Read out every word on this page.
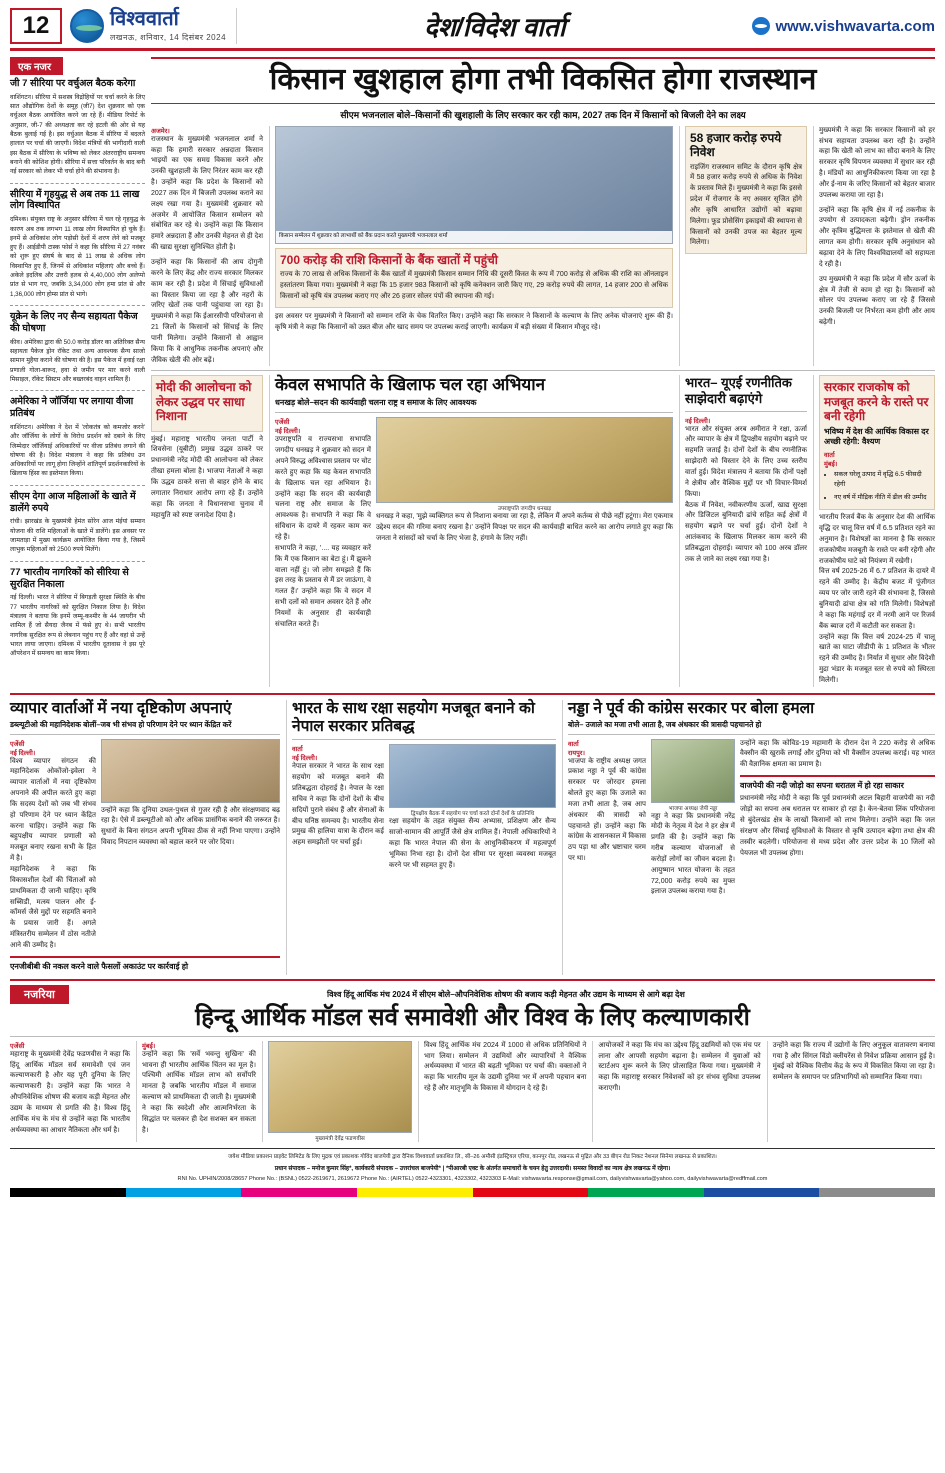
12	विश्ववार्ता
लखनऊ, शनिवार, 14 दिसंबर 2024	देश/विदेश वार्ता	www.vishwavarta.com
एक नजर
जी 7 सीरिया पर वर्चुअल बैठक करेगा
वाशिंगटन। सीरिया में सशस्त्र विद्रोहियों पर चर्चा करने के लिए सात औद्योगिक देशों के समूह (जी7) देश शुक्रवार को एक वर्चुअल बैठक आयोजित करने जा रहे हैं। मीडिया रिपोर्ट के अनुसार, जी-7 की अध्यक्षता कर रहे इटली की ओर से यह बैठक बुलाई गई है। इस वर्चुअल बैठक में सीरिया में बदलते हालात पर चर्चा की जाएगी। विदेश मंत्रियों की भागीदारी वाली इस बैठक में सीरिया के भविष्य को लेकर अंतरराष्ट्रीय समन्वय बनाने की कोशिश होगी। सीरिया में सत्ता परिवर्तन के बाद बनी नई सरकार को लेकर भी चर्चा होने की संभावना है।
सीरिया में गृहयुद्ध से अब तक 11 लाख लोग विस्थापित
दमिश्क। संयुक्त राष्ट्र के अनुसार सीरिया में चल रहे गृहयुद्ध के कारण अब तक लगभग 11 लाख लोग विस्थापित हो चुके हैं। इनमें से अधिकांश लोग पड़ोसी देशों में शरण लेने को मजबूर हुए हैं। आईडीपी टास्क फोर्स ने कहा कि सीरिया में 27 नवंबर को शुरू हुए संघर्ष के बाद से 11 लाख से अधिक लोग विस्थापित हुए हैं, जिनमें से अधिकांश महिलाएं और बच्चे हैं। अकेले इदलिब और उत्तरी हलब से 4,40,000 लोग अलेप्पो प्रांत से भाग गए, जबकि 3,34,000 लोग हमा प्रांत से और 1,36,000 लोग होम्स प्रांत से भागे।
यूक्रेन के लिए नए सैन्य सहायता पैकेज की घोषणा
कीव। अमेरिका द्वारा की 50.0 करोड़ डॉलर का अतिरिक्त सैन्य सहायता पैकेज ड्रोन रॉकेट तथा अन्य आवश्यक सैन्य साजो सामान मुहैया कराने की घोषणा की है। इस पैकेज में हवाई रक्षा प्रणाली गोला-बारूद, हवा से जमीन पर मार करने वाली मिसाइल, रॉकेट सिस्टम और बख्तरबंद वाहन शामिल हैं।
अमेरिका ने जॉर्जिया पर लगाया वीजा प्रतिबंध
वाशिंगटन। अमेरिका ने देश में 'लोकतंत्र को कमजोर करने' और जॉर्जिया के लोगों के विरोध प्रदर्शन को दबाने के लिए जिम्मेदार जॉर्जियाई अधिकारियों पर वीजा प्रतिबंध लगाने की घोषणा की है। विदेश मंत्रालय ने कहा कि प्रतिबंध उन अधिकारियों पर लागू होगा जिन्होंने शांतिपूर्ण प्रदर्शनकारियों के खिलाफ हिंसा का इस्तेमाल किया।
सीएम देगा आज महिलाओं के खाते में डालेंगे रुपये
रांची। झारखंड के मुख्यमंत्री हेमंत सोरेन आज मंईयां सम्मान योजना की राशि महिलाओं के खाते में डालेंगे। इस अवसर पर जामताड़ा में मुख्य कार्यक्रम आयोजित किया गया है, जिसमें लाभुक महिलाओं को 2500 रुपये मिलेंगे।
77 भारतीय नागरिकों को सीरिया से सुरक्षित निकाला
नई दिल्ली। भारत ने सीरिया में बिगड़ती सुरक्षा स्थिति के बीच 77 भारतीय नागरिकों को सुरक्षित निकाल लिया है। विदेश मंत्रालय ने बताया कि इनमें जम्मू-कश्मीर के 44 जायरीन भी शामिल हैं जो सैयदा जैनब में फंसे हुए थे। सभी भारतीय नागरिक सुरक्षित रूप से लेबनान पहुंच गए हैं और वहां से उन्हें भारत लाया जाएगा। दमिश्क में भारतीय दूतावास ने इस पूरे ऑपरेशन में समन्वय का काम किया।
किसान खुशहाल होगा तभी विकसित होगा राजस्थान
सीएम भजनलाल बोले–किसानों की खुशहाली के लिए सरकार कर रही काम, 2027 तक दिन में किसानों को बिजली देने का लक्ष्य
अजमेर।
राजस्थान के मुख्यमंत्री भजनलाल शर्मा ने कहा कि हमारी सरकार अन्नदाता किसान भाइयों का एक समग्र विकास करने और उनकी खुशहाली के लिए निरंतर काम कर रही है। उन्होंने कहा कि प्रदेश के किसानों को 2027 तक दिन में बिजली उपलब्ध कराने का लक्ष्य रखा गया है। मुख्यमंत्री शुक्रवार को अजमेर में आयोजित किसान सम्मेलन को संबोधित कर रहे थे। उन्होंने कहा कि किसान हमारे अन्नदाता हैं और उनकी मेहनत से ही देश की खाद्य सुरक्षा सुनिश्चित होती है।
उन्होंने कहा कि किसानों की आय दोगुनी करने के लिए केंद्र और राज्य सरकार मिलकर काम कर रही है। प्रदेश में सिंचाई सुविधाओं का विस्तार किया जा रहा है और नहरों के जरिए खेतों तक पानी पहुंचाया जा रहा है। मुख्यमंत्री ने कहा कि ईआरसीपी परियोजना से 21 जिलों के किसानों को सिंचाई के लिए पानी मिलेगा। उन्होंने किसानों से आह्वान किया कि वे आधुनिक तकनीक अपनाएं और जैविक खेती की ओर बढ़ें।
किसान सम्मेलन में शुक्रवार को लाभार्थी को बैंक प्रदान करते मुख्यमंत्री भजनलाल शर्मा
700 करोड़ की राशि किसानों के बैंक खातों में पहुंची
राज्य के 70 लाख से अधिक किसानों के बैंक खातों में मुख्यमंत्री किसान सम्मान निधि की दूसरी किस्त के रूप में 700 करोड़ से अधिक की राशि का ऑनलाइन हस्तांतरण किया गया। मुख्यमंत्री ने कहा कि 15 हजार 983 किसानों को कृषि कनेक्शन जारी किए गए, 29 करोड़ रुपये की लागत, 14 हजार 200 से अधिक किसानों को कृषि यंत्र उपलब्ध कराए गए और 26 हजार सोलर पंपों की स्थापना की गई।
इस अवसर पर मुख्यमंत्री ने किसानों को सम्मान राशि के चेक वितरित किए। उन्होंने कहा कि सरकार ने किसानों के कल्याण के लिए अनेक योजनाएं शुरू की हैं। कृषि मंत्री ने कहा कि किसानों को उन्नत बीज और खाद समय पर उपलब्ध कराई जाएगी। कार्यक्रम में बड़ी संख्या में किसान मौजूद रहे।
58 हजार करोड़ रुपये निवेश
राइजिंग राजस्थान समिट के दौरान कृषि क्षेत्र में 58 हजार करोड़ रुपये से अधिक के निवेश के प्रस्ताव मिले हैं। मुख्यमंत्री ने कहा कि इससे प्रदेश में रोजगार के नए अवसर सृजित होंगे और कृषि आधारित उद्योगों को बढ़ावा मिलेगा। फूड प्रोसेसिंग इकाइयों की स्थापना से किसानों को उनकी उपज का बेहतर मूल्य मिलेगा।
मुख्यमंत्री ने कहा कि सरकार किसानों को हर संभव सहायता उपलब्ध करा रही है। उन्होंने कहा कि खेती को लाभ का सौदा बनाने के लिए सरकार कृषि विपणन व्यवस्था में सुधार कर रही है। मंडियों का आधुनिकीकरण किया जा रहा है और ई-नाम के जरिए किसानों को बेहतर बाजार उपलब्ध कराया जा रहा है।
उन्होंने कहा कि कृषि क्षेत्र में नई तकनीक के उपयोग से उत्पादकता बढ़ेगी। ड्रोन तकनीक और कृत्रिम बुद्धिमत्ता के इस्तेमाल से खेती की लागत कम होगी। सरकार कृषि अनुसंधान को बढ़ावा देने के लिए विश्वविद्यालयों को सहायता दे रही है।
उप मुख्यमंत्री ने कहा कि प्रदेश में सौर ऊर्जा के क्षेत्र में तेजी से काम हो रहा है। किसानों को सोलर पंप उपलब्ध कराए जा रहे हैं जिससे उनकी बिजली पर निर्भरता कम होगी और आय बढ़ेगी।
मोदी की आलोचना को लेकर उद्धव पर साधा निशाना
मुंबई। महाराष्ट्र भारतीय जनता पार्टी ने शिवसेना (यूबीटी) प्रमुख उद्धव ठाकरे पर प्रधानमंत्री नरेंद्र मोदी की आलोचना को लेकर तीखा हमला बोला है। भाजपा नेताओं ने कहा कि उद्धव ठाकरे सत्ता से बाहर होने के बाद लगातार निराधार आरोप लगा रहे हैं। उन्होंने कहा कि जनता ने विधानसभा चुनाव में महायुति को स्पष्ट जनादेश दिया है।
केवल सभापति के खिलाफ चल रहा अभियान
धनखड़ बोले–सदन की कार्यवाही चलना राष्ट्र व समाज के लिए आवश्यक
एजेंसी
नई दिल्ली।
उपराष्ट्रपति व राज्यसभा सभापति जगदीप धनखड़ ने शुक्रवार को सदन में अपने विरुद्ध अविश्वास प्रस्ताव पर चोट करते हुए कहा कि यह केवल सभापति के खिलाफ चल रहा अभियान है। उन्होंने कहा कि सदन की कार्यवाही चलना राष्ट्र और समाज के लिए आवश्यक है। सभापति ने कहा कि वे संविधान के दायरे में रहकर काम कर रहे हैं।
सभापति ने कहा, '.... यह व्यवहार करें कि मैं एक किसान का बेटा हूं। मैं झुकने वाला नहीं हूं। जो लोग समझते हैं कि इस तरह के प्रस्ताव से मैं डर जाऊंगा, वे गलत हैं।' उन्होंने कहा कि वे सदन में सभी दलों को समान अवसर देते हैं और नियमों के अनुसार ही कार्यवाही संचालित करते हैं।
उपराष्ट्रपति जगदीप धनखड़
धनखड़ ने कहा, 'मुझे व्यक्तिगत रूप से निशाना बनाया जा रहा है, लेकिन मैं अपने कर्तव्य से पीछे नहीं हटूंगा। मेरा एकमात्र उद्देश्य सदन की गरिमा बनाए रखना है।' उन्होंने विपक्ष पर सदन की कार्यवाही बाधित करने का आरोप लगाते हुए कहा कि जनता ने सांसदों को चर्चा के लिए भेजा है, हंगामे के लिए नहीं।
भारत– यूएई रणनीतिक साझेदारी बढ़ाएंगे
नई दिल्ली।
भारत और संयुक्त अरब अमीरात ने रक्षा, ऊर्जा और व्यापार के क्षेत्र में द्विपक्षीय सहयोग बढ़ाने पर सहमति जताई है। दोनों देशों के बीच रणनीतिक साझेदारी को विस्तार देने के लिए उच्च स्तरीय वार्ता हुई। विदेश मंत्रालय ने बताया कि दोनों पक्षों ने क्षेत्रीय और वैश्विक मुद्दों पर भी विचार-विमर्श किया।
बैठक में निवेश, नवीकरणीय ऊर्जा, खाद्य सुरक्षा और डिजिटल बुनियादी ढांचे सहित कई क्षेत्रों में सहयोग बढ़ाने पर चर्चा हुई। दोनों देशों ने आतंकवाद के खिलाफ मिलकर काम करने की प्रतिबद्धता दोहराई। व्यापार को 100 अरब डॉलर तक ले जाने का लक्ष्य रखा गया है।
सरकार राजकोष को मजबूत करने के रास्ते पर बनी रहेगी
भविष्य में देश की आर्थिक विकास दर अच्छी रहेगी: वैश्यण
वार्ता
मुंबई।
• सकल घरेलू उत्पाद में वृद्धि 6.5 फीसदी रहेगी
• नए वर्ष में मौद्रिक नीति में ढील की उम्मीद
भारतीय रिजर्व बैंक के अनुसार देश की आर्थिक वृद्धि दर चालू वित्त वर्ष में 6.5 प्रतिशत रहने का अनुमान है। विशेषज्ञों का मानना है कि सरकार राजकोषीय मजबूती के रास्ते पर बनी रहेगी और राजकोषीय घाटे को नियंत्रण में रखेगी।
वित्त वर्ष 2025-26 में 6.7 प्रतिशत के दायरे में रहने की उम्मीद है। केंद्रीय बजट में पूंजीगत व्यय पर जोर जारी रहने की संभावना है, जिससे बुनियादी ढांचा क्षेत्र को गति मिलेगी। विशेषज्ञों ने कहा कि महंगाई दर में नरमी आने पर रिजर्व बैंक ब्याज दरों में कटौती कर सकता है।
उन्होंने कहा कि वित्त वर्ष 2024-25 में चालू खाते का घाटा जीडीपी के 1 प्रतिशत के भीतर रहने की उम्मीद है। निर्यात में सुधार और विदेशी मुद्रा भंडार के मजबूत स्तर से रुपये को स्थिरता मिलेगी।
व्यापार वार्ताओं में नया दृष्टिकोण अपनाएं
डब्ल्यूटीओ की महानिदेशक बोलीं–जब भी संभव हो परिणाम देने पर ध्यान केंद्रित करें
एजेंसी
नई दिल्ली।
विश्व व्यापार संगठन की महानिदेशक ओकोंजो-इवेला ने व्यापार वार्ताओं में नया दृष्टिकोण अपनाने की अपील करते हुए कहा कि सदस्य देशों को जब भी संभव हो परिणाम देने पर ध्यान केंद्रित करना चाहिए। उन्होंने कहा कि बहुपक्षीय व्यापार प्रणाली को मजबूत बनाए रखना सभी के हित में है।
महानिदेशक ने कहा कि विकासशील देशों की चिंताओं को प्राथमिकता दी जानी चाहिए। कृषि सब्सिडी, मत्स्य पालन और ई-कॉमर्स जैसे मुद्दों पर सहमति बनाने के प्रयास जारी हैं। अगले मंत्रिस्तरीय सम्मेलन में ठोस नतीजे आने की उम्मीद है।
उन्होंने कहा कि दुनिया उथल-पुथल से गुजर रही है और संरक्षणवाद बढ़ रहा है। ऐसे में डब्ल्यूटीओ को और अधिक प्रासंगिक बनाने की जरूरत है। सुधारों के बिना संगठन अपनी भूमिका ठीक से नहीं निभा पाएगा। उन्होंने विवाद निपटान व्यवस्था को बहाल करने पर जोर दिया।
एनजीबीबी की नकल करने वाले फैसलों अकाउंट पर कार्रवाई हो
भारत के साथ रक्षा सहयोग मजबूत बनाने को नेपाल सरकार प्रतिबद्ध
वार्ता
नई दिल्ली।
नेपाल सरकार ने भारत के साथ रक्षा सहयोग को मजबूत बनाने की प्रतिबद्धता दोहराई है। नेपाल के रक्षा सचिव ने कहा कि दोनों देशों के बीच सदियों पुराने संबंध हैं और सेनाओं के बीच घनिष्ठ समन्वय है। भारतीय सेना प्रमुख की हालिया यात्रा के दौरान कई अहम समझौतों पर चर्चा हुई।
द्विपक्षीय बैठक में सहयोग पर चर्चा करते दोनों देशों के प्रतिनिधि
रक्षा सहयोग के तहत संयुक्त सैन्य अभ्यास, प्रशिक्षण और सैन्य साजो-सामान की आपूर्ति जैसे क्षेत्र शामिल हैं। नेपाली अधिकारियों ने कहा कि भारत नेपाल की सेना के आधुनिकीकरण में महत्वपूर्ण भूमिका निभा रहा है। दोनों देश सीमा पर सुरक्षा व्यवस्था मजबूत करने पर भी सहमत हुए हैं।
नड्डा ने पूर्व की कांग्रेस सरकार पर बोला हमला
बोले– उजाले का मजा तभी आता है, जब अंधकार की त्रासदी पहचानते हो
वार्ता
रायपुर।
भाजपा के राष्ट्रीय अध्यक्ष जगत प्रकाश नड्डा ने पूर्व की कांग्रेस सरकार पर जोरदार हमला बोलते हुए कहा कि उजाले का मजा तभी आता है, जब आप अंधकार की त्रासदी को पहचानते हों। उन्होंने कहा कि कांग्रेस के शासनकाल में विकास ठप पड़ा था और भ्रष्टाचार चरम पर था।
भाजपा अध्यक्ष जेपी नड्डा
नड्डा ने कहा कि प्रधानमंत्री नरेंद्र मोदी के नेतृत्व में देश ने हर क्षेत्र में प्रगति की है। उन्होंने कहा कि गरीब कल्याण योजनाओं से करोड़ों लोगों का जीवन बदला है। आयुष्मान भारत योजना के तहत 72,000 करोड़ रुपये का मुफ्त इलाज उपलब्ध कराया गया है।
उन्होंने कहा कि कोविड-19 महामारी के दौरान देश ने 220 करोड़ से अधिक वैक्सीन की खुराकें लगाईं और दुनिया को भी वैक्सीन उपलब्ध कराई। यह भारत की वैज्ञानिक क्षमता का प्रमाण है।
वाजपेयी की नदी जोड़ो का सपना धरातल में हो रहा साकार
प्रधानमंत्री नरेंद्र मोदी ने कहा कि पूर्व प्रधानमंत्री अटल बिहारी वाजपेयी का नदी जोड़ो का सपना अब धरातल पर साकार हो रहा है। केन-बेतवा लिंक परियोजना से बुंदेलखंड क्षेत्र के लाखों किसानों को लाभ मिलेगा। उन्होंने कहा कि जल संरक्षण और सिंचाई सुविधाओं के विस्तार से कृषि उत्पादन बढ़ेगा तथा क्षेत्र की तस्वीर बदलेगी। परियोजना से मध्य प्रदेश और उत्तर प्रदेश के 10 जिलों को पेयजल भी उपलब्ध होगा।
नजरिया	विश्व हिंदू आर्थिक मंच 2024 में सीएम बोले–औपनिवेशिक शोषण की बजाय कड़ी मेहनत और उद्यम के माध्यम से आगे बढ़ा देश
हिन्दू आर्थिक मॉडल सर्व समावेशी और विश्व के लिए कल्याणकारी
एजेंसी
महाराष्ट्र के मुख्यमंत्री देवेंद्र फडणवीस ने कहा कि हिंदू आर्थिक मॉडल सर्व समावेशी एवं जन कल्याणकारी है और यह पूरी दुनिया के लिए कल्याणकारी है। उन्होंने कहा कि भारत ने औपनिवेशिक शोषण की बजाय कड़ी मेहनत और उद्यम के माध्यम से प्रगति की है। विश्व हिंदू आर्थिक मंच के मंच से उन्होंने कहा कि भारतीय अर्थव्यवस्था का आधार नैतिकता और धर्म है।
मुंबई।
उन्होंने कहा कि 'सर्वे भवन्तु सुखिनः' की भावना ही भारतीय आर्थिक चिंतन का मूल है। पश्चिमी आर्थिक मॉडल लाभ को सर्वोपरि मानता है जबकि भारतीय मॉडल में समाज कल्याण को प्राथमिकता दी जाती है। मुख्यमंत्री ने कहा कि स्वदेशी और आत्मनिर्भरता के सिद्धांत पर चलकर ही देश सशक्त बन सकता है।
मुख्यमंत्री देवेंद्र फडणवीस
विश्व हिंदू आर्थिक मंच 2024 में 1000 से अधिक प्रतिनिधियों ने भाग लिया। सम्मेलन में उद्यमियों और व्यापारियों ने वैश्विक अर्थव्यवस्था में भारत की बढ़ती भूमिका पर चर्चा की। वक्ताओं ने कहा कि भारतीय मूल के उद्यमी दुनिया भर में अपनी पहचान बना रहे हैं और मातृभूमि के विकास में योगदान दे रहे हैं।
आयोजकों ने कहा कि मंच का उद्देश्य हिंदू उद्यमियों को एक मंच पर लाना और आपसी सहयोग बढ़ाना है। सम्मेलन में युवाओं को स्टार्टअप शुरू करने के लिए प्रोत्साहित किया गया। मुख्यमंत्री ने कहा कि महाराष्ट्र सरकार निवेशकों को हर संभव सुविधा उपलब्ध कराएगी।
उन्होंने कहा कि राज्य में उद्योगों के लिए अनुकूल वातावरण बनाया गया है और सिंगल विंडो क्लीयरेंस से निवेश प्रक्रिया आसान हुई है। मुंबई को वैश्विक वित्तीय केंद्र के रूप में विकसित किया जा रहा है। सम्मेलन के समापन पर प्रतिभागियों को सम्मानित किया गया।
जयेश मीडिया प्रकाशन प्राइवेट लिमिटेड के लिए मुद्रक एवं प्रकाशक गोविंद बाजपेयी द्वारा दैनिक विश्ववार्ता प्रकाशित लि., सी–26 अमौसी इंडस्ट्रियल एरिया, कानपुर रोड, लखनऊ से मुद्रित और 33 बीएन रोड निकट नेशनल सिनेमा लखनऊ से प्रकाशित।
प्रधान संपादक – मनोज कुमार सिंह*, कार्यकारी संपादक – उत्तरांचल बाजपेयी* | *पीआरबी एक्ट के अंतर्गत समाचारों के चयन हेतु उत्तरदायी। समस्त विवादों का न्याय क्षेत्र लखनऊ में रहेगा।
RNI No. UPHIN/2008/28657 Phone No.: (BSNL) 0522-2619671, 2619672 Phone No.: (AIRTEL) 0522-4323301, 4323302, 4323303 E-Mail: vishwavarta.response@gmail.com, dailyvishwavarta@yahoo.com, dailyvishwavarta@redffmail.com
